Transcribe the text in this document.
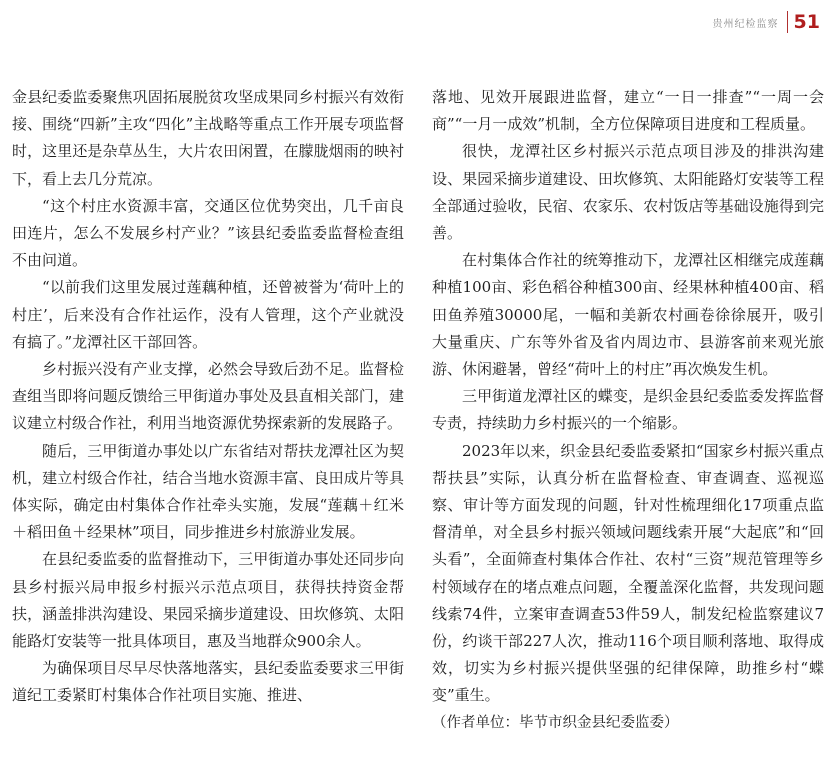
贵州纪检监察 51

金县纪委监委聚焦巩固拓展脱贫攻坚成果同乡村振兴有效衔接、围绕“四新”主攻“四化”主战略等重点工作开展专项监督时，这里还是杂草丛生，大片农田闲置，在朦胧烟雨的映衬下，看上去几分荒凉。

“这个村庄水资源丰富，交通区位优势突出，几千亩良田连片，怎么不发展乡村产业？”该县纪委监委监督检查组不由问道。

“以前我们这里发展过莲藕种植，还曾被誉为‘荷叶上的村庄’，后来没有合作社运作，没有人管理，这个产业就没有搞了。”龙潭社区干部回答。

乡村振兴没有产业支撑，必然会导致后劲不足。监督检查组当即将问题反馈给三甲街道办事处及县直相关部门，建议建立村级合作社，利用当地资源优势探索新的发展路子。

随后，三甲街道办事处以广东省结对帮扶龙潭社区为契机，建立村级合作社，结合当地水资源丰富、良田成片等具体实际，确定由村集体合作社牵头实施，发展“莲藕＋红米＋稻田鱼＋经果林”项目，同步推进乡村旅游业发展。

在县纪委监委的监督推动下，三甲街道办事处还同步向县乡村振兴局申报乡村振兴示范点项目，获得扶持资金帮扶，涵盖排洪沟建设、果园采摘步道建设、田坎修筑、太阳能路灯安装等一批具体项目，惠及当地群众900余人。

为确保项目尽早尽快落地落实，县纪委监委要求三甲街道纪工委紧盯村集体合作社项目实施、推进、

落地、见效开展跟进监督，建立“一日一排查”“一周一会商”“一月一成效”机制，全方位保障项目进度和工程质量。

很快，龙潭社区乡村振兴示范点项目涉及的排洪沟建设、果园采摘步道建设、田坎修筑、太阳能路灯安装等工程全部通过验收，民宿、农家乐、农村饭店等基础设施得到完善。

在村集体合作社的统筹推动下，龙潭社区相继完成莲藕种植100亩、彩色稻谷种植300亩、经果林种植400亩、稻田鱼养殖30000尾，一幅和美新农村画卷徐徐展开，吸引大量重庆、广东等外省及省内周边市、县游客前来观光旅游、休闲避暑，曾经“荷叶上的村庄”再次焕发生机。

三甲街道龙潭社区的蝶变，是织金县纪委监委发挥监督专责，持续助力乡村振兴的一个缩影。

2023年以来，织金县纪委监委紧扣“国家乡村振兴重点帮扶县”实际，认真分析在监督检查、审查调查、巡视巡察、审计等方面发现的问题，针对性梳理细化17项重点监督清单，对全县乡村振兴领域问题线索开展“大起底”和“回头看”，全面筛查村集体合作社、农村“三资”规范管理等乡村领域存在的堵点难点问题，全覆盖深化监督，共发现问题线索74件，立案审查调查53件59人，制发纪检监察建议7份，约谈干部227人次，推动116个项目顺利落地、取得成效，切实为乡村振兴提供坚强的纪律保障，助推乡村“蝶变”重生。

（作者单位：毕节市织金县纪委监委）
